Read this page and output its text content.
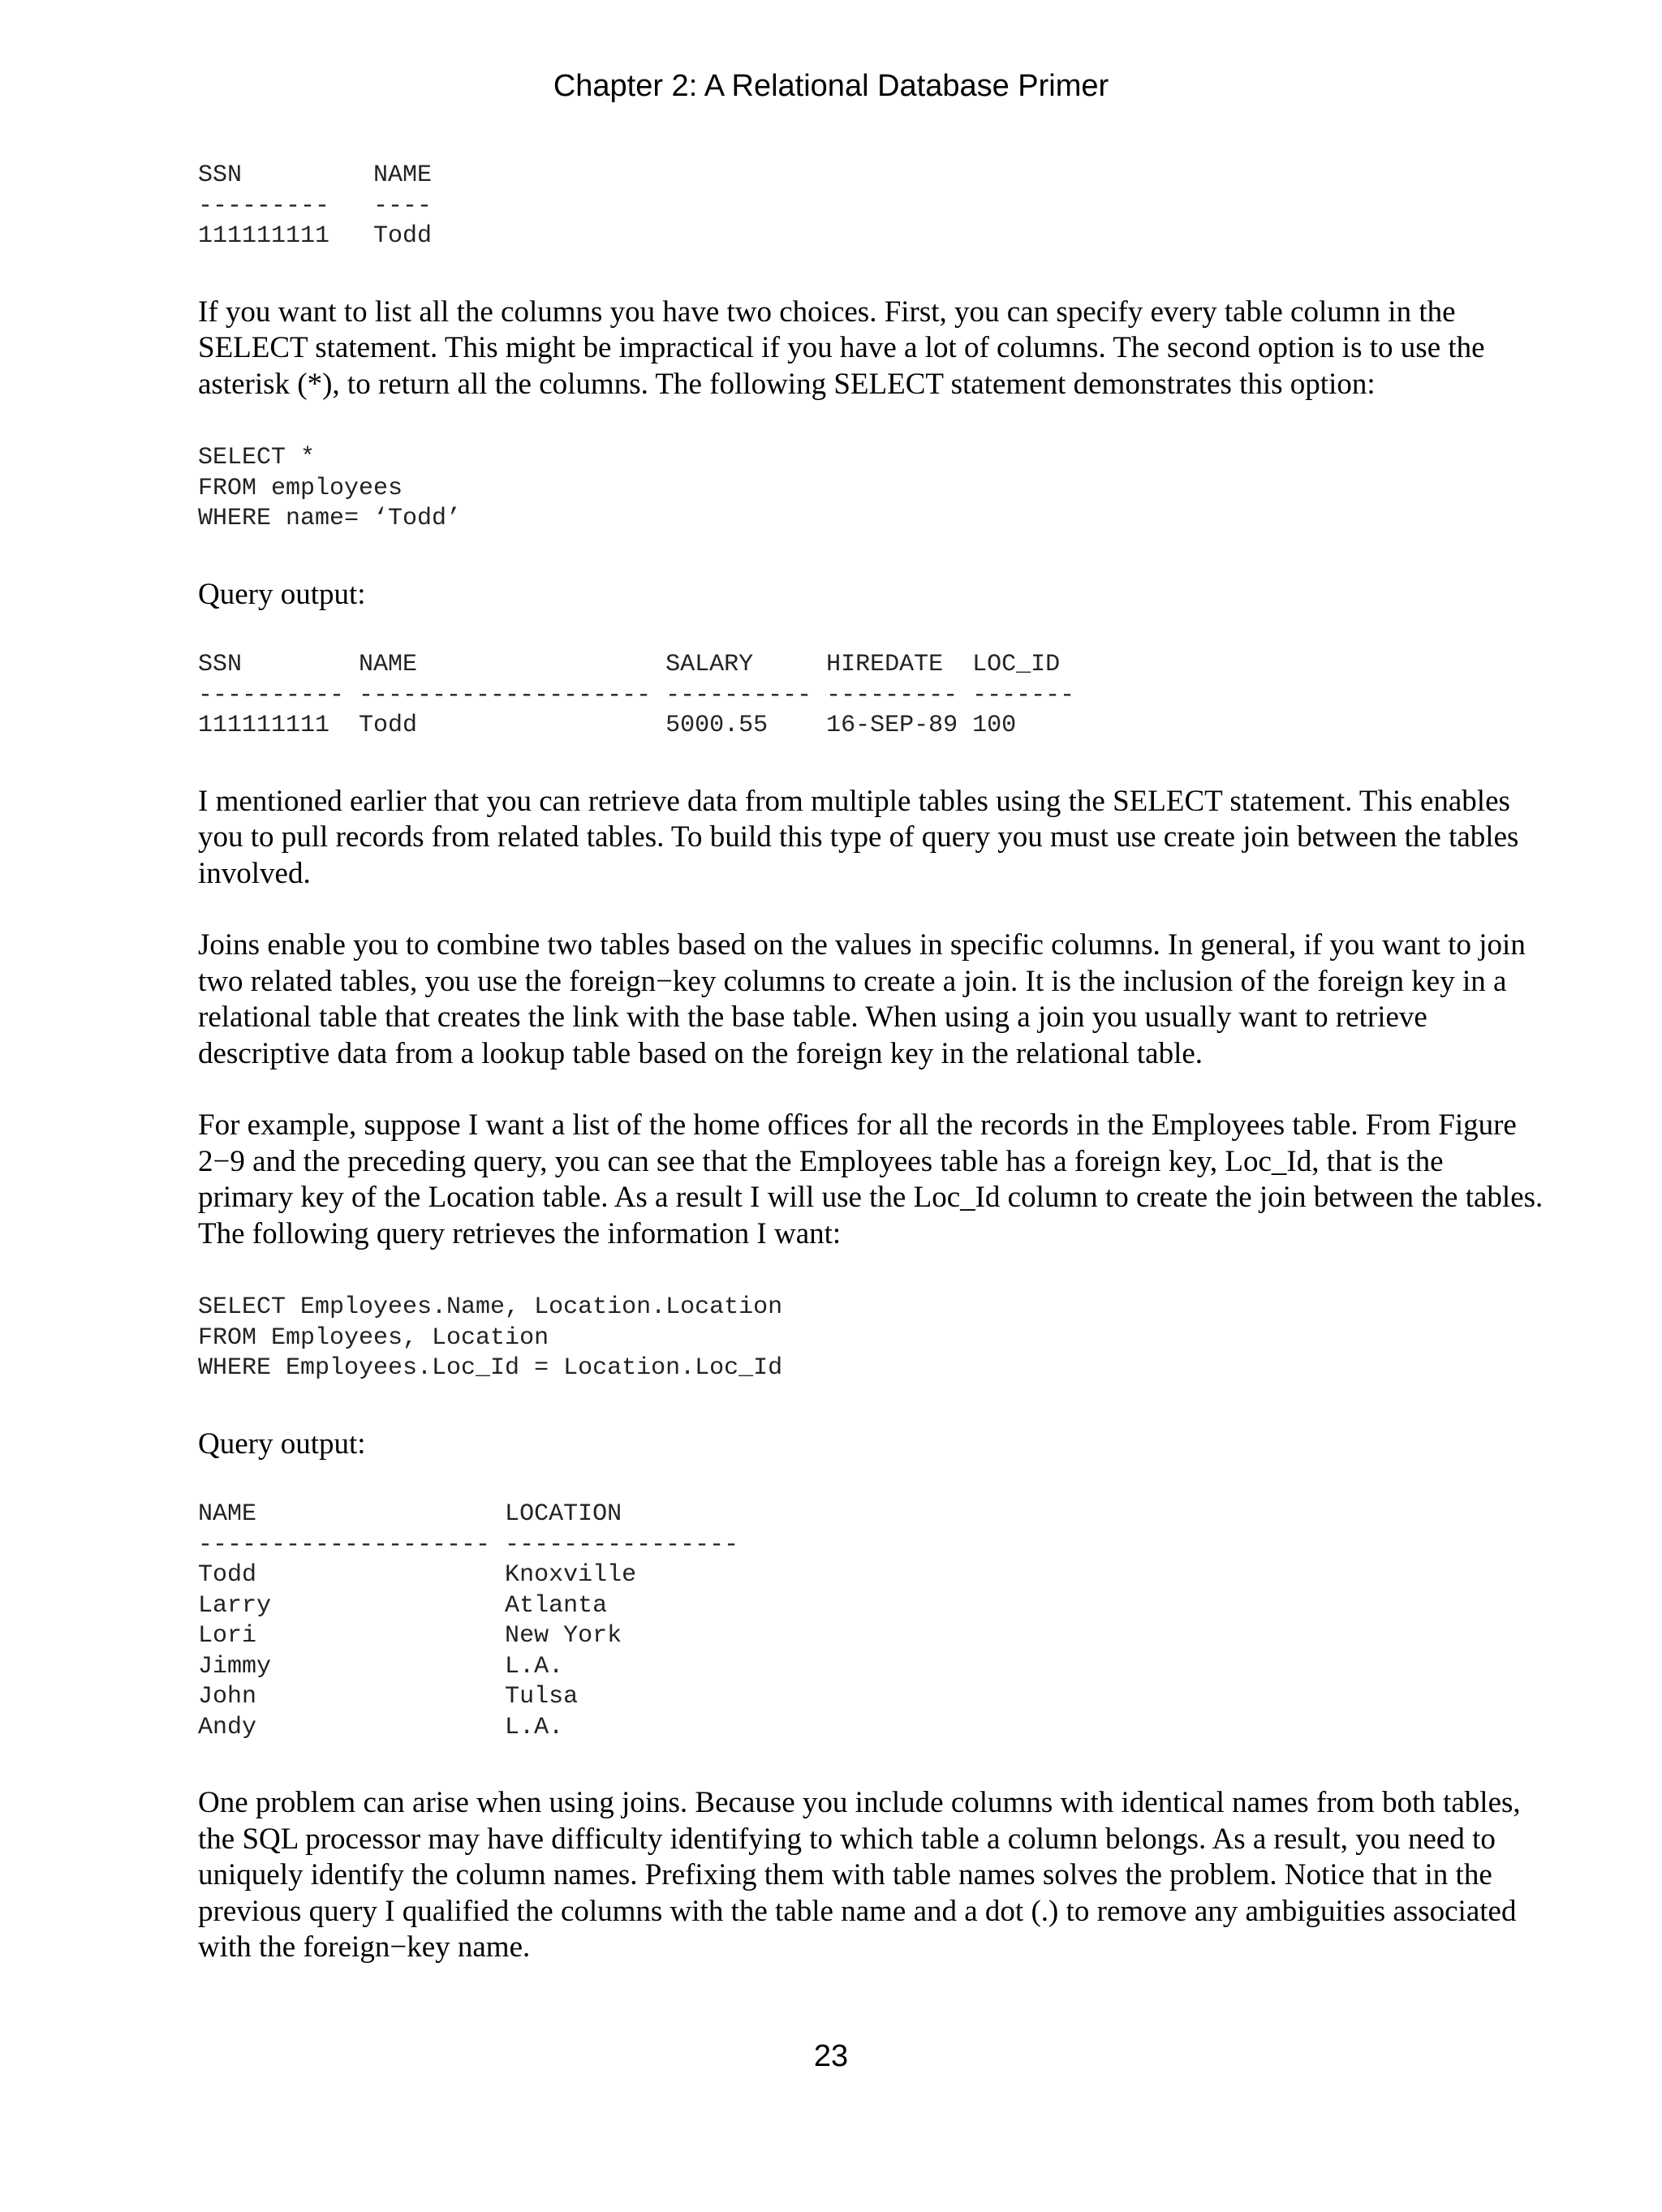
Chapter 2: A Relational Database Primer
SSN         NAME
---------   ----
111111111   Todd

If you want to list all the columns you have two choices. First, you can specify every table column in the SELECT statement. This might be impractical if you have a lot of columns. The second option is to use the asterisk (*), to return all the columns. The following SELECT statement demonstrates this option:

SELECT *
FROM employees
WHERE name= ‘Todd’

Query output:

SSN        NAME                 SALARY     HIREDATE  LOC_ID
---------- -------------------- ---------- --------- -------
111111111  Todd                 5000.55    16-SEP-89 100

I mentioned earlier that you can retrieve data from multiple tables using the SELECT statement. This enables you to pull records from related tables. To build this type of query you must use create join between the tables involved.

Joins enable you to combine two tables based on the values in specific columns. In general, if you want to join two related tables, you use the foreign−key columns to create a join. It is the inclusion of the foreign key in a relational table that creates the link with the base table. When using a join you usually want to retrieve descriptive data from a lookup table based on the foreign key in the relational table.

For example, suppose I want a list of the home offices for all the records in the Employees table. From Figure 2−9 and the preceding query, you can see that the Employees table has a foreign key, Loc_Id, that is the primary key of the Location table. As a result I will use the Loc_Id column to create the join between the tables. The following query retrieves the information I want:

SELECT Employees.Name, Location.Location
FROM Employees, Location
WHERE Employees.Loc_Id = Location.Loc_Id

Query output:

NAME                 LOCATION
-------------------- ----------------
Todd                 Knoxville
Larry                Atlanta
Lori                 New York
Jimmy                L.A.
John                 Tulsa
Andy                 L.A.

One problem can arise when using joins. Because you include columns with identical names from both tables, the SQL processor may have difficulty identifying to which table a column belongs. As a result, you need to uniquely identify the column names. Prefixing them with table names solves the problem. Notice that in the previous query I qualified the columns with the table name and a dot (.) to remove any ambiguities associated with the foreign−key name.

23
